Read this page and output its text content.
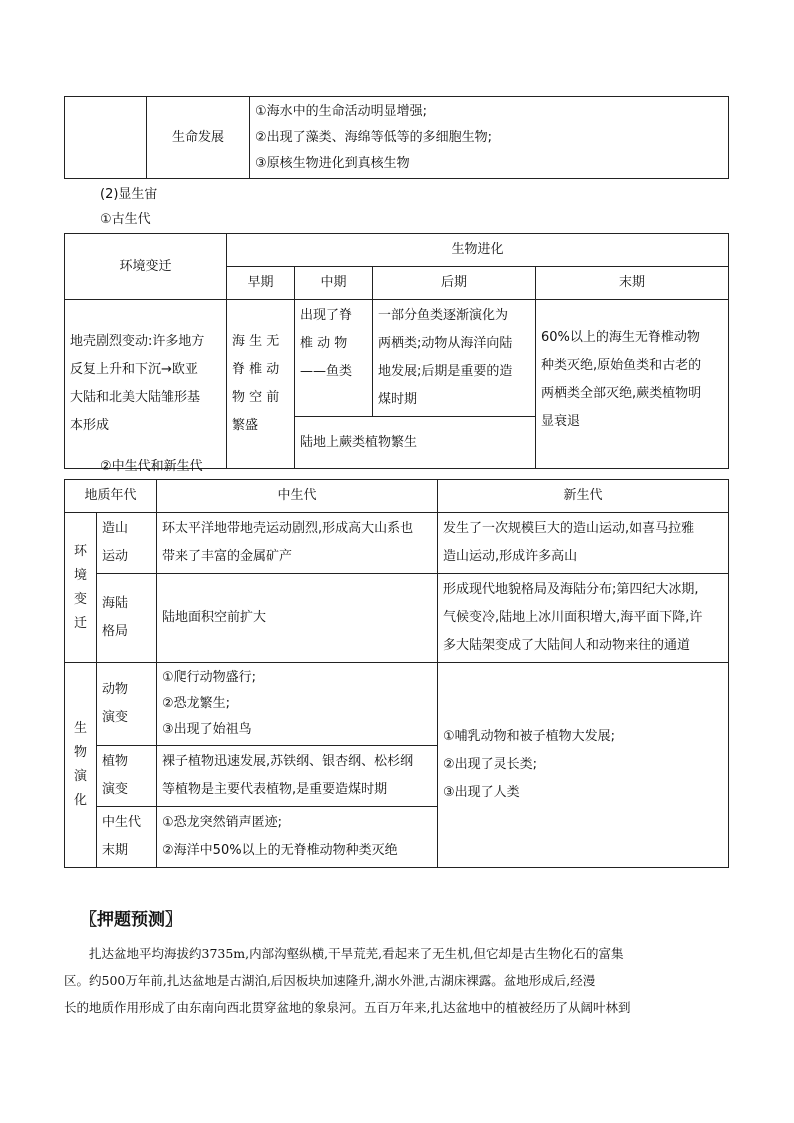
	生命发展	
①海水中的生命活动明显增强;
②出现了藻类、海绵等低等的多细胞生物;
③原核生物进化到真核生物
(2)显生宙
①古生代
环境变迁	生物进化			
	早期	中期	后期	末期

地壳剧烈变动:许多地方
反复上升和下沉→欧亚
大陆和北美大陆雏形基
本形成	海 生 无
脊 椎 动
物 空 前
繁盛	出现了脊
椎 动 物
——鱼类	一部分鱼类逐渐演化为
两栖类;动物从海洋向陆
地发展;后期是重要的造
煤时期	60%以上的海生无脊椎动物
种类灭绝,原始鱼类和古老的
两栖类全部灭绝,蕨类植物明
显衰退

		陆地上蕨类植物繁生		
②中生代和新生代
地质年代		中生代	新生代

环
境
变
迁	造山
运动	环太平洋地带地壳运动剧烈,形成高大山系也
带来了丰富的金属矿产	发生了一次规模巨大的造山运动,如喜马拉雅
造山运动,形成许多高山

	海陆
格局	陆地面积空前扩大	形成现代地貌格局及海陆分布;第四纪大冰期,
气候变冷,陆地上冰川面积增大,海平面下降,许
多大陆架变成了大陆间人和动物来往的通道

生
物
演
化	动物
演变	①爬行动物盛行;
②恐龙繁生;
③出现了始祖鸟	①哺乳动物和被子植物大发展;
②出现了灵长类;
③出现了人类

	植物
演变	裸子植物迅速发展,苏铁纲、银杏纲、松杉纲
等植物是主要代表植物,是重要造煤时期	

	中生代
末期	①恐龙突然销声匿迹;
②海洋中50%以上的无脊椎动物种类灭绝	
〖押题预测〗
扎达盆地平均海拔约3735m,内部沟壑纵横,干旱荒芜,看起来了无生机,但它却是古生物化石的富集
区。约500万年前,扎达盆地是古湖泊,后因板块加速隆升,湖水外泄,古湖床裸露。盆地形成后,经漫
长的地质作用形成了由东南向西北贯穿盆地的象泉河。五百万年来,扎达盆地中的植被经历了从阔叶林到
